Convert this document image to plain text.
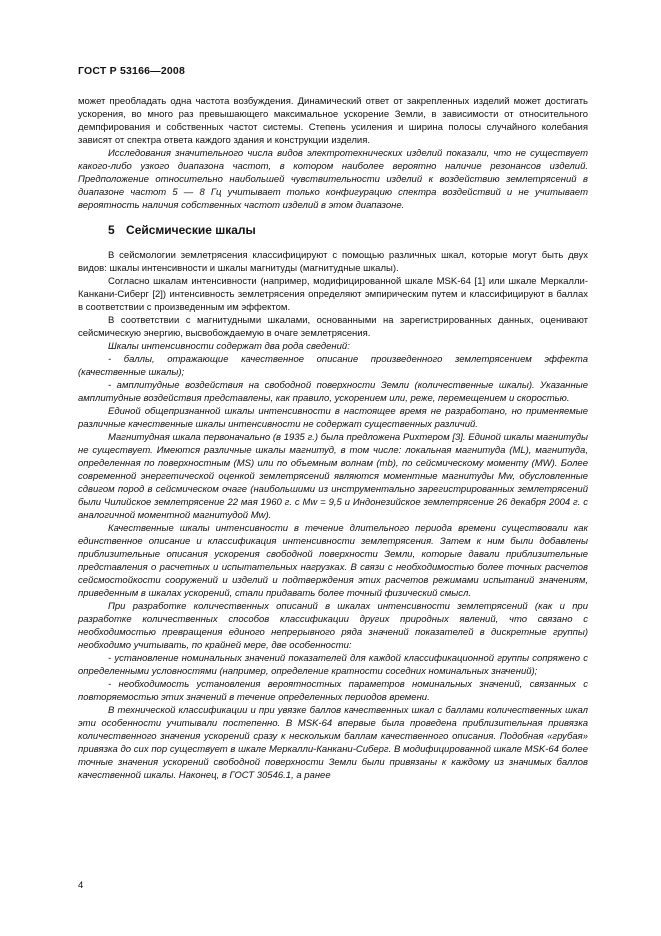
ГОСТ Р 53166—2008

может преобладать одна частота возбуждения. Динамический ответ от закрепленных изделий может достигать ускорения, во много раз превышающего максимальное ускорение Земли, в зависимости от относительного демпфирования и собственных частот системы. Степень усиления и ширина полосы случайного колебания зависят от спектра ответа каждого здания и конструкции изделия.

Исследования значительного числа видов электротехнических изделий показали, что не существует какого-либо узкого диапазона частот, в котором наиболее вероятно наличие резонансов изделий. Предположение относительно наибольшей чувствительности изделий к воздействию землетрясений в диапазоне частот 5 — 8 Гц учитывает только конфигурацию спектра воздействий и не учитывает вероятность наличия собственных частот изделий в этом диапазоне.

5 Сейсмические шкалы

В сейсмологии землетрясения классифицируют с помощью различных шкал, которые могут быть двух видов: шкалы интенсивности и шкалы магнитуды (магнитудные шкалы).

Согласно шкалам интенсивности (например, модифицированной шкале MSK-64 [1] или шкале Меркалли-Канкани-Сиберг [2]) интенсивность землетрясения определяют эмпирическим путем и классифицируют в баллах в соответствии с произведенным им эффектом.

В соответствии с магнитудными шкалами, основанными на зарегистрированных данных, оценивают сейсмическую энергию, высвобождаемую в очаге землетрясения.

Шкалы интенсивности содержат два рода сведений:

- баллы, отражающие качественное описание произведенного землетрясением эффекта (качественные шкалы);

- амплитудные воздействия на свободной поверхности Земли (количественные шкалы). Указанные амплитудные воздействия представлены, как правило, ускорением или, реже, перемещением и скоростью.

Единой общепризнанной шкалы интенсивности в настоящее время не разработано, но применяемые различные качественные шкалы интенсивности не содержат существенных различий.

Магнитудная шкала первоначально (в 1935 г.) была предложена Рихтером [3]. Единой шкалы магнитуды не существует. Имеются различные шкалы магнитуд, в том числе: локальная магнитуда (ML), магнитуда, определенная по поверхностным (MS) или по объемным волнам (mb), по сейсмическому моменту (MW). Более современной энергетической оценкой землетрясений являются моментные магнитуды Mw, обусловленные сдвигом пород в сейсмическом очаге (наибольшими из инструментально зарегистрированных землетрясений были Чилийское землетрясение 22 мая 1960 г. с Mw = 9,5 и Индонезийское землетрясение 26 декабря 2004 г. с аналогичной моментной магнитудой Mw).

Качественные шкалы интенсивности в течение длительного периода времени существовали как единственное описание и классификация интенсивности землетрясения. Затем к ним были добавлены приблизительные описания ускорения свободной поверхности Земли, которые давали приблизительные представления о расчетных и испытательных нагрузках. В связи с необходимостью более точных расчетов сейсмостойкости сооружений и изделий и подтверждения этих расчетов режимами испытаний значениям, приведенным в шкалах ускорений, стали придавать более точный физический смысл.

При разработке количественных описаний в шкалах интенсивности землетрясений (как и при разработке количественных способов классификации других природных явлений, что связано с необходимостью превращения единого непрерывного ряда значений показателей в дискретные группы) необходимо учитывать, по крайней мере, две особенности:

- установление номинальных значений показателей для каждой классификационной группы сопряжено с определенными условностями (например, определение кратности соседних номинальных значений);

- необходимость установления вероятностных параметров номинальных значений, связанных с повторяемостью этих значений в течение определенных периодов времени.

В технической классификации и при увязке баллов качественных шкал с баллами количественных шкал эти особенности учитывали постепенно. В MSK-64 впервые была проведена приблизительная привязка количественного значения ускорений сразу к нескольким баллам качественного описания. Подобная «грубая» привязка до сих пор существует в шкале Меркалли-Канкани-Сиберг. В модифицированной шкале MSK-64 более точные значения ускорений свободной поверхности Земли были привязаны к каждому из значимых баллов качественной шкалы. Наконец, в ГОСТ 30546.1, а ранее

4
